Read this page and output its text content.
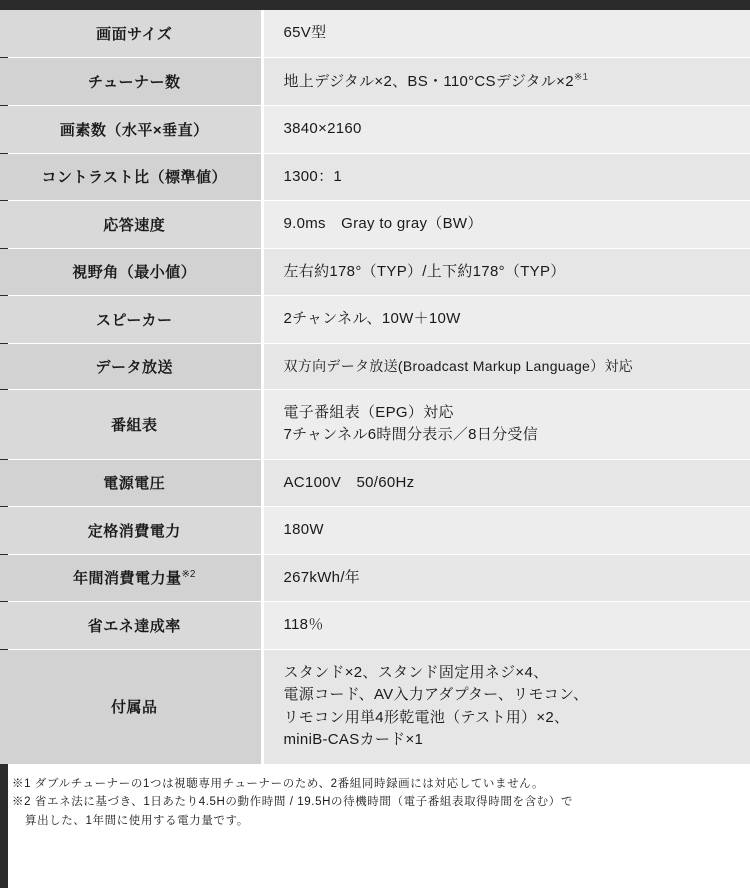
画面サイズ	65V型

チューナー数	地上デジタル×2、BS・110°CSデジタル$\times 2^{※1}$

画素数（水平×垂直）	3840×2160

コントラスト比（標準値）	1300：1

応答速度	9.0ms　Gray to gray（BW）

視野角（最小値）	左右約178°（TYP）/上下約178°（TYP）

スピーカー	2チャンネル、10W＋10W

データ放送	双方向データ放送(Broadcast Markup Language）対応

番組表	電子番組表（EPG）対応
7チャンネル6時間分表示／8日分受信

電源電圧	AC100V　50/60Hz

定格消費電力	180W

年間消費電力量$^{※2}$	267kWh/年

省エネ達成率	118％

付属品	スタンド×2、スタンド固定用ネジ×4、
電源コード、AV入力アダプター、リモコン、
リモコン用単4形乾電池（テスト用）×2、
miniB-CASカード×1
※1 ダブルチューナーの1つは視聴専用チューナーのため、2番組同時録画には対応していません。
※2 省エネ法に基づき、1日あたり4.5Hの動作時間 / 19.5Hの待機時間（電子番組表取得時間を含む）で
算出した、1年間に使用する電力量です。
